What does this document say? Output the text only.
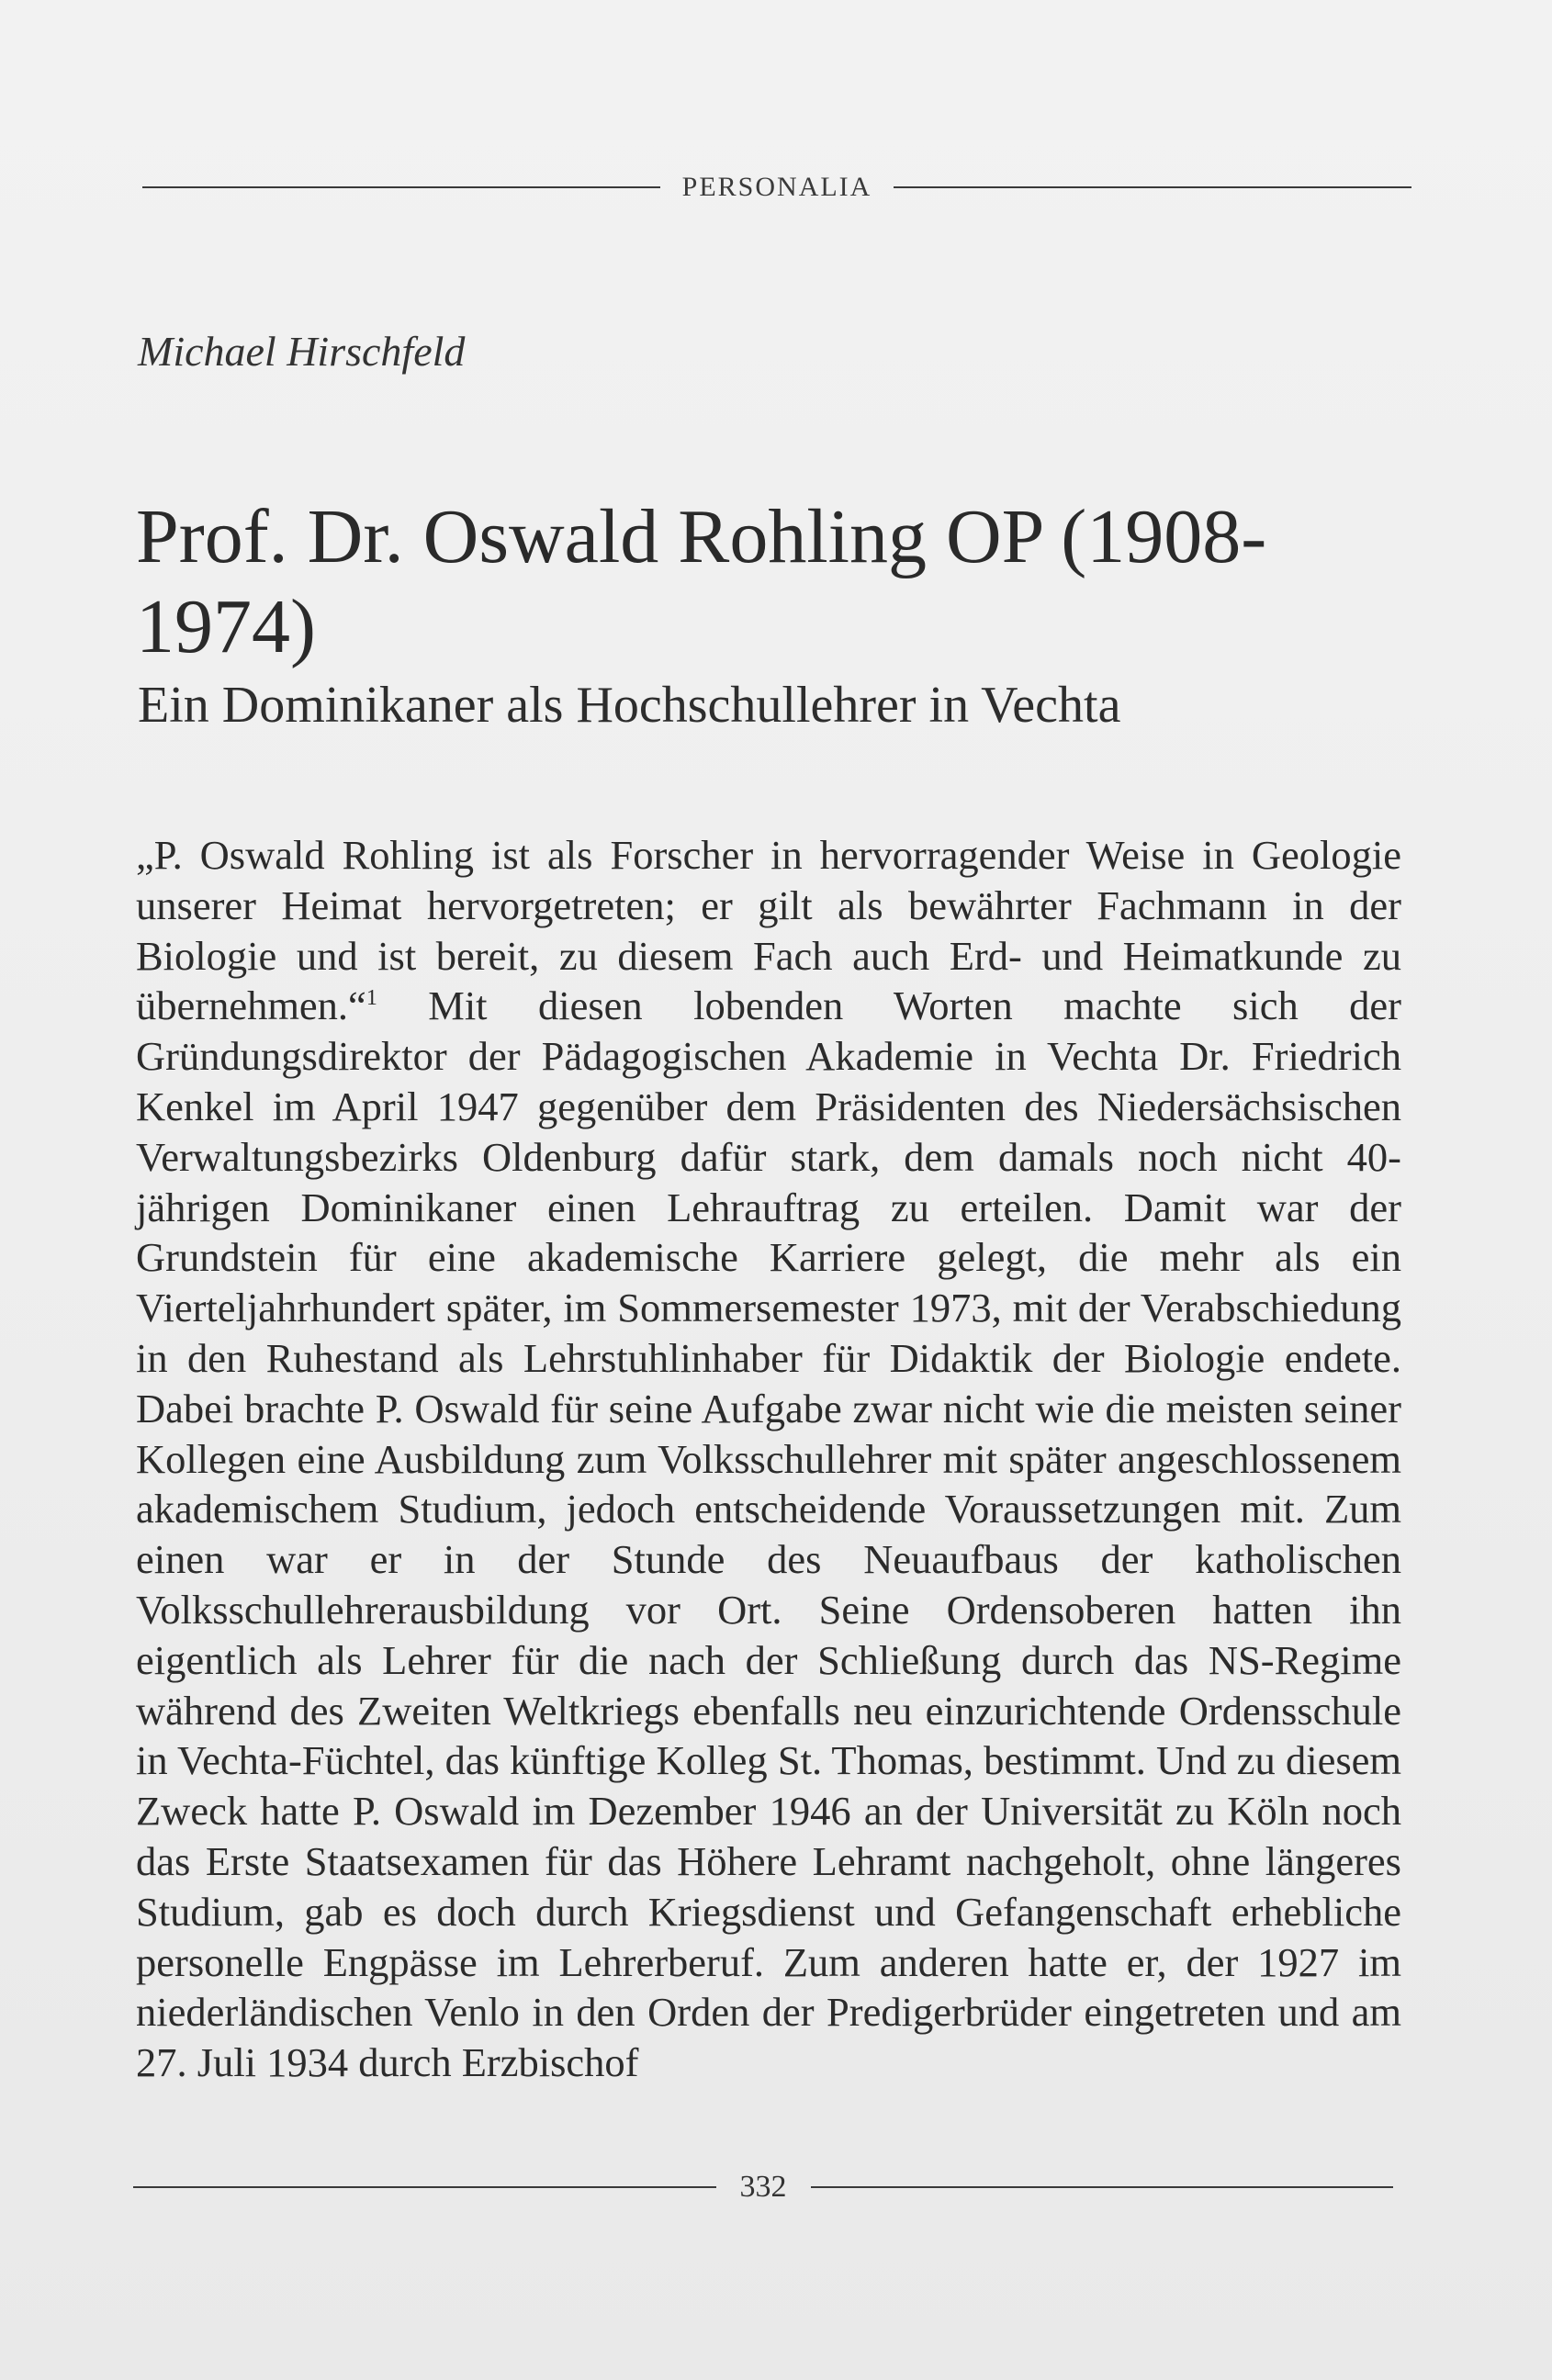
PERSONALIA
Michael Hirschfeld
Prof. Dr. Oswald Rohling OP (1908-1974)
Ein Dominikaner als Hochschullehrer in Vechta

„P. Oswald Rohling ist als Forscher in hervorragender Weise in Geologie unserer Heimat hervorgetreten; er gilt als bewährter Fachmann in der Biologie und ist bereit, zu diesem Fach auch Erd- und Heimatkunde zu übernehmen.“$^1$ Mit diesen lobenden Worten machte sich der Gründungsdirektor der Pädagogischen Akademie in Vechta Dr. Friedrich Kenkel im April 1947 gegenüber dem Präsidenten des Niedersächsischen Verwaltungsbezirks Oldenburg dafür stark, dem damals noch nicht 40-jährigen Dominikaner einen Lehrauftrag zu erteilen. Damit war der Grundstein für eine akademische Karriere gelegt, die mehr als ein Vierteljahrhundert später, im Sommersemester 1973, mit der Verabschiedung in den Ruhestand als Lehrstuhlinhaber für Didaktik der Biologie endete. Dabei brachte P. Oswald für seine Aufgabe zwar nicht wie die meisten seiner Kollegen eine Ausbildung zum Volksschullehrer mit später angeschlossenem akademischem Studium, jedoch entscheidende Voraussetzungen mit. Zum einen war er in der Stunde des Neuaufbaus der katholischen Volksschullehrerausbildung vor Ort. Seine Ordensoberen hatten ihn eigentlich als Lehrer für die nach der Schließung durch das NS-Regime während des Zweiten Weltkriegs ebenfalls neu einzurichtende Ordensschule in Vechta-Füchtel, das künftige Kolleg St. Thomas, bestimmt. Und zu diesem Zweck hatte P. Oswald im Dezember 1946 an der Universität zu Köln noch das Erste Staatsexamen für das Höhere Lehramt nachgeholt, ohne längeres Studium, gab es doch durch Kriegsdienst und Gefangenschaft erhebliche personelle Engpässe im Lehrerberuf. Zum anderen hatte er, der 1927 im niederländischen Venlo in den Orden der Predigerbrüder eingetreten und am 27. Juli 1934 durch Erzbischof

332
